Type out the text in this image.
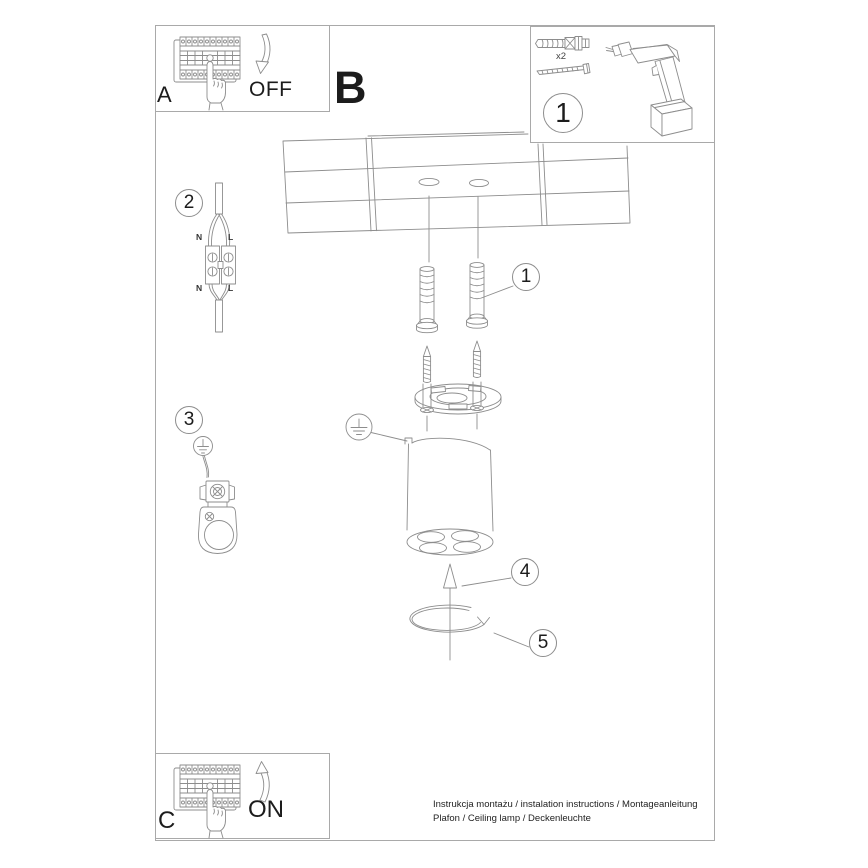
A	OFF B
x2
1
2
3
1
4
5
N	L
N	L
C	ON	Instrukcja montażu / instalation instructions / Montageanleitung
Plafon / Ceiling lamp / Deckenleuchte
